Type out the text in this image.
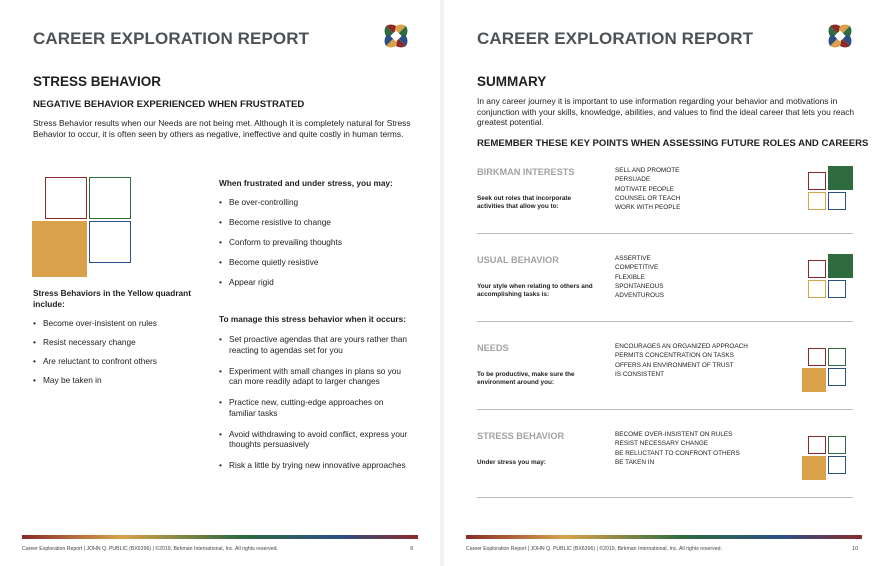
CAREER EXPLORATION REPORT
STRESS BEHAVIOR
NEGATIVE BEHAVIOR EXPERIENCED WHEN FRUSTRATED
Stress Behavior results when our Needs are not being met. Although it is completely natural for Stress Behavior to occur, it is often seen by others as negative, ineffective and quite costly in human terms.
Stress Behaviors in the Yellow quadrant include:
• Become over-insistent on rules
• Resist necessary change
• Are reluctant to confront others
• May be taken in
When frustrated and under stress, you may:
• Be over-controlling
• Become resistive to change
• Conform to prevailing thoughts
• Become quietly resistive
• Appear rigid
To manage this stress behavior when it occurs:
• Set proactive agendas that are yours rather than reacting to agendas set for you
• Experiment with small changes in plans so you can more readily adapt to larger changes
• Practice new, cutting-edge approaches on familiar tasks
• Avoid withdrawing to avoid conflict, express your thoughts persuasively
• Risk a little by trying new innovative approaches
Career Exploration Report | JOHN Q. PUBLIC (BX6396) | ©2019, Birkman International, Inc. All rights reserved.	9
CAREER EXPLORATION REPORT
SUMMARY
In any career journey it is important to use information regarding your behavior and motivations in conjunction with your skills, knowledge, abilities, and values to find the ideal career that lets you reach greatest potential.
REMEMBER THESE KEY POINTS WHEN ASSESSING FUTURE ROLES AND CAREERS
BIRKMAN INTERESTS
Seek out roles that incorporate activities that allow you to:
SELL AND PROMOTE
PERSUADE
MOTIVATE PEOPLE
COUNSEL OR TEACH
WORK WITH PEOPLE
USUAL BEHAVIOR
Your style when relating to others and accomplishing tasks is:
ASSERTIVE
COMPETITIVE
FLEXIBLE
SPONTANEOUS
ADVENTUROUS
NEEDS
To be productive, make sure the environment around you:
ENCOURAGES AN ORGANIZED APPROACH
PERMITS CONCENTRATION ON TASKS
OFFERS AN ENVIRONMENT OF TRUST
IS CONSISTENT
STRESS BEHAVIOR
Under stress you may:
BECOME OVER-INSISTENT ON RULES
RESIST NECESSARY CHANGE
BE RELUCTANT TO CONFRONT OTHERS
BE TAKEN IN
Career Exploration Report | JOHN Q. PUBLIC (BX6396) | ©2019, Birkman International, Inc. All rights reserved.	10
